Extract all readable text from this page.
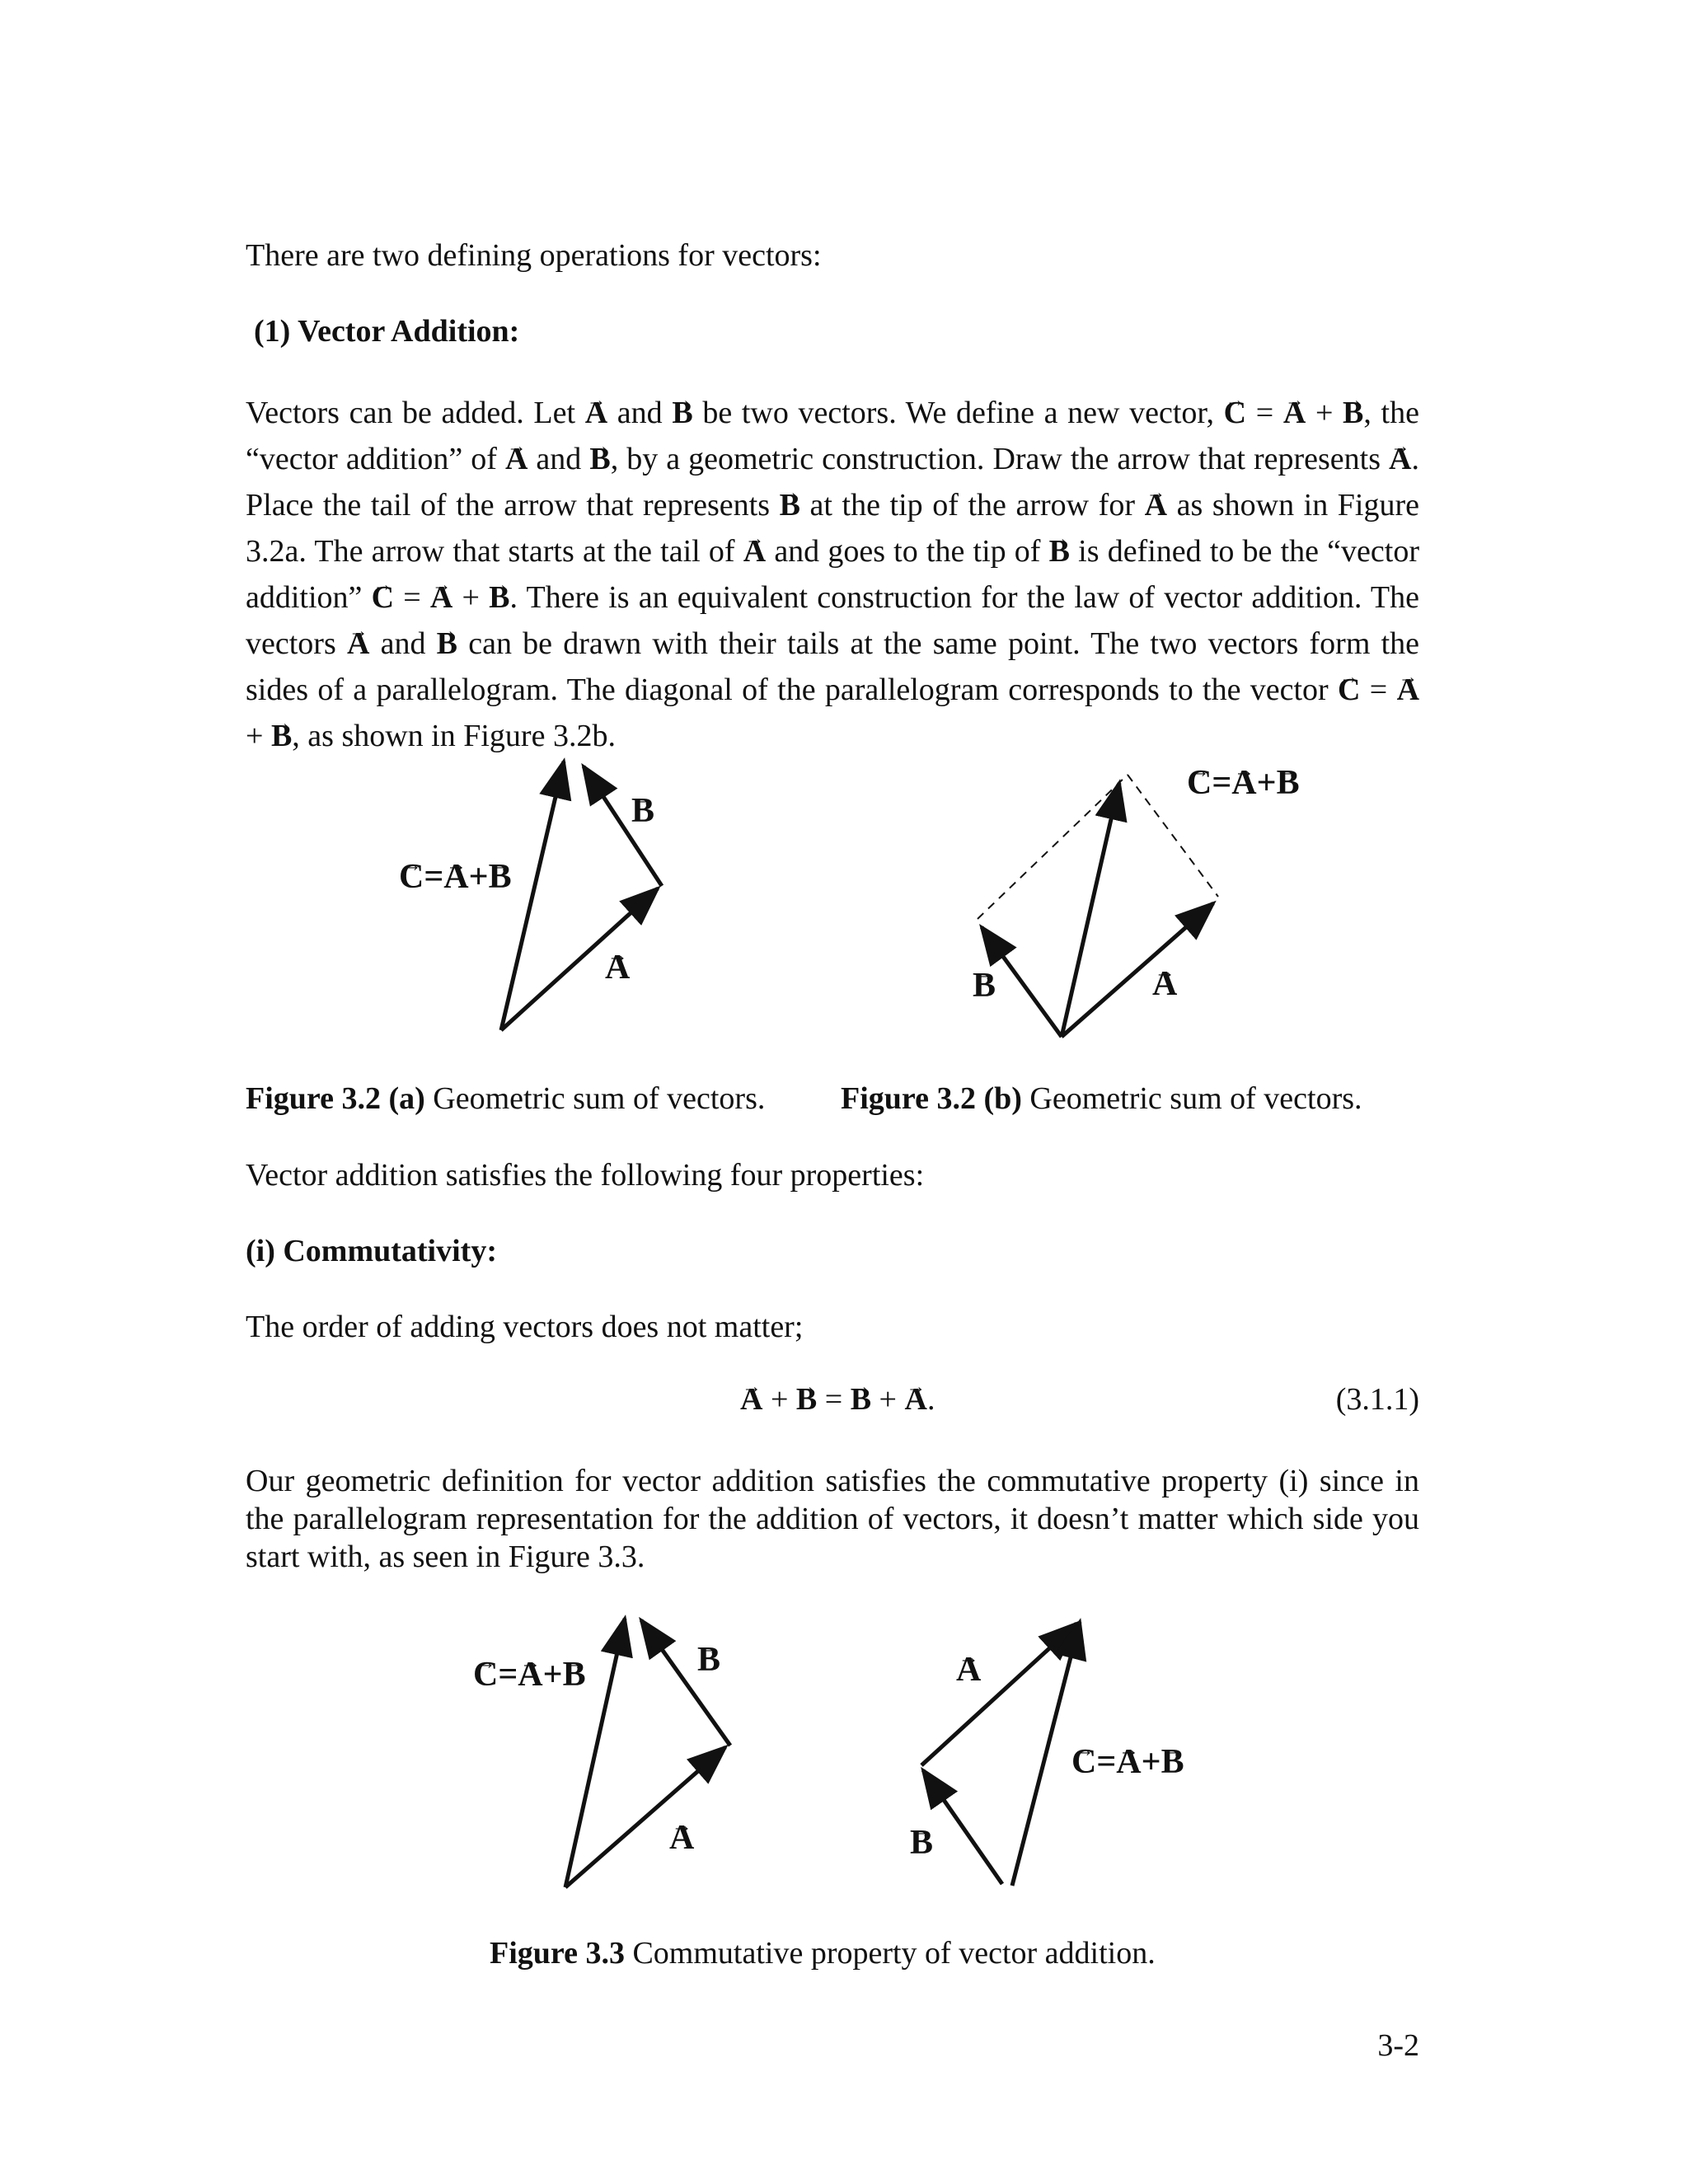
There are two defining operations for vectors:

(1) Vector Addition:

Vectors can be added. Let → A and → B be two vectors. We define a new vector, → C = → A + → B, the “vector addition” of → A and → B, by a geometric construction. Draw the arrow that represents → A. Place the tail of the arrow that represents → B at the tip of the arrow for → A as shown in Figure 3.2a. The arrow that starts at the tail of → A and goes to the tip of → B is defined to be the “vector addition” → C = → A + → B. There is an equivalent construction for the law of vector addition. The vectors → A and → B can be drawn with their tails at the same point. The two vectors form the sides of a parallelogram. The diagonal of the parallelogram corresponds to the vector → C = → A + → B, as shown in Figure 3.2b.

→ C=→ A+→ B
→ B
→ A
→ C=→ A+→ B
→ B	→ A

Figure 3.2 (a) Geometric sum of vectors. Figure 3.2 (b) Geometric sum of vectors.

Vector addition satisfies the following four properties:

(i) Commutativity:

The order of adding vectors does not matter;

→ A + → B = → B + → A.	(3.1.1)

Our geometric definition for vector addition satisfies the commutative property (i) since in the parallelogram representation for the addition of vectors, it doesn’t matter which side you start with, as seen in Figure 3.3.

→ C=→ A+→ B	→ B
→ A
→ A
→ C=→ A+→ B
→ B

Figure 3.3 Commutative property of vector addition.

3-2
